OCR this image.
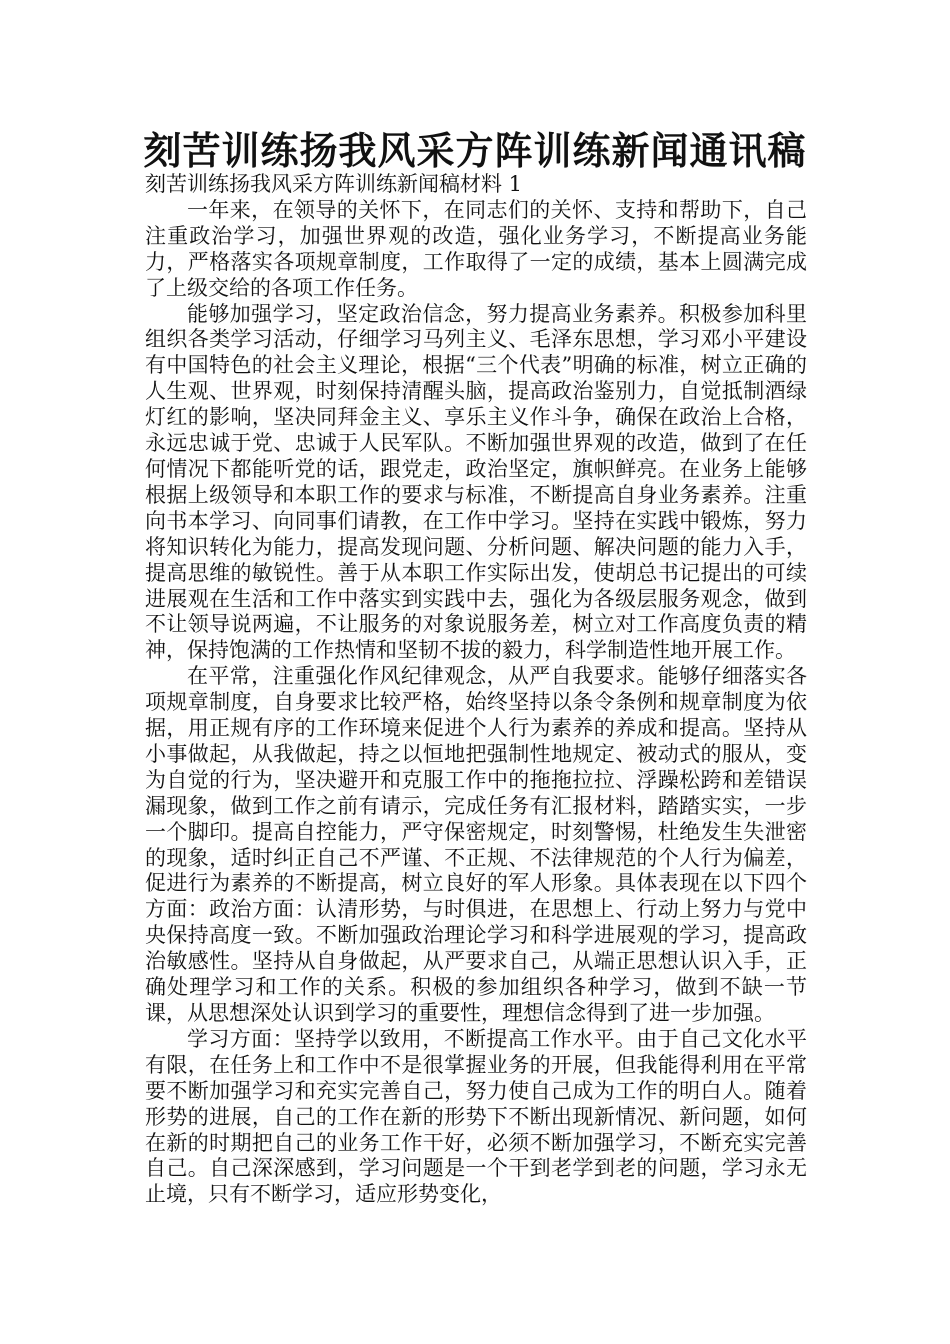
刻苦训练扬我风采方阵训练新闻通讯稿

刻苦训练扬我风采方阵训练新闻稿材料 1

一年来，在领导的关怀下，在同志们的关怀、支持和帮助下，自己注重政治学习，加强世界观的改造，强化业务学习，不断提高业务能力，严格落实各项规章制度，工作取得了一定的成绩，基本上圆满完成了上级交给的各项工作任务。

能够加强学习，坚定政治信念，努力提高业务素养。积极参加科里组织各类学习活动，仔细学习马列主义、毛泽东思想，学习邓小平建设有中国特色的社会主义理论，根据“三个代表”明确的标准，树立正确的人生观、世界观，时刻保持清醒头脑，提高政治鉴别力，自觉抵制酒绿灯红的影响，坚决同拜金主义、享乐主义作斗争，确保在政治上合格，永远忠诚于党、忠诚于人民军队。不断加强世界观的改造，做到了在任何情况下都能听党的话，跟党走，政治坚定，旗帜鲜亮。在业务上能够根据上级领导和本职工作的要求与标准，不断提高自身业务素养。注重向书本学习、向同事们请教，在工作中学习。坚持在实践中锻炼，努力将知识转化为能力，提高发现问题、分析问题、解决问题的能力入手，提高思维的敏锐性。善于从本职工作实际出发，使胡总书记提出的可续进展观在生活和工作中落实到实践中去，强化为各级层服务观念，做到不让领导说两遍，不让服务的对象说服务差，树立对工作高度负责的精神，保持饱满的工作热情和坚韧不拔的毅力，科学制造性地开展工作。

在平常，注重强化作风纪律观念，从严自我要求。能够仔细落实各项规章制度，自身要求比较严格，始终坚持以条令条例和规章制度为依据，用正规有序的工作环境来促进个人行为素养的养成和提高。坚持从小事做起，从我做起，持之以恒地把强制性地规定、被动式的服从，变为自觉的行为，坚决避开和克服工作中的拖拖拉拉、浮躁松跨和差错误漏现象，做到工作之前有请示，完成任务有汇报材料，踏踏实实，一步一个脚印。提高自控能力，严守保密规定，时刻警惕，杜绝发生失泄密的现象，适时纠正自己不严谨、不正规、不法律规范的个人行为偏差，促进行为素养的不断提高，树立良好的军人形象。具体表现在以下四个方面：政治方面：认清形势，与时俱进，在思想上、行动上努力与党中央保持高度一致。不断加强政治理论学习和科学进展观的学习，提高政治敏感性。坚持从自身做起，从严要求自己，从端正思想认识入手，正确处理学习和工作的关系。积极的参加组织各种学习，做到不缺一节课，从思想深处认识到学习的重要性，理想信念得到了进一步加强。

学习方面：坚持学以致用，不断提高工作水平。由于自己文化水平有限，在任务上和工作中不是很掌握业务的开展，但我能得利用在平常要不断加强学习和充实完善自己，努力使自己成为工作的明白人。随着形势的进展，自己的工作在新的形势下不断出现新情况、新问题，如何在新的时期把自己的业务工作干好，必须不断加强学习，不断充实完善自己。自己深深感到，学习问题是一个干到老学到老的问题，学习永无止境，只有不断学习，适应形势变化，
